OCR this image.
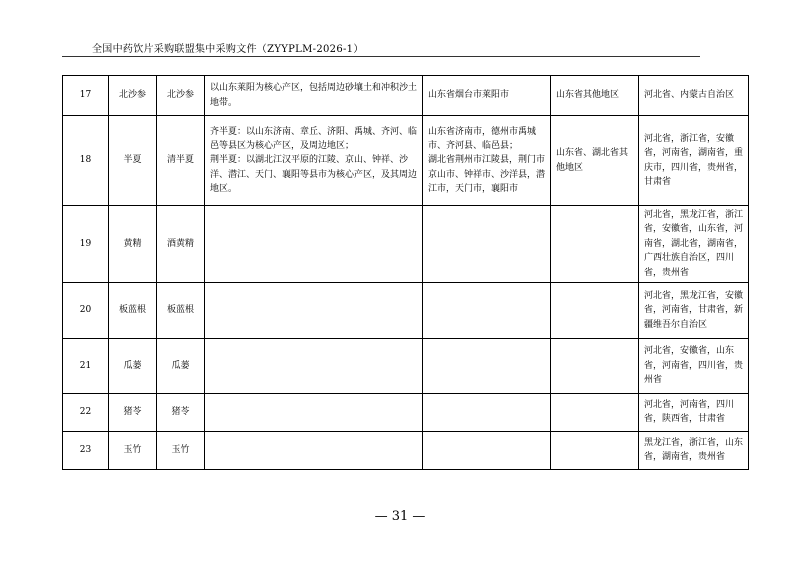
全国中药饮片采购联盟集中采购文件（ZYYPLM-2026-1）
17	北沙参	北沙参	以山东莱阳为核心产区，包括周边砂壤土和冲积沙土地带。	山东省烟台市莱阳市	山东省其他地区	河北省、内蒙古自治区
18	半夏	清半夏	齐半夏：以山东济南、章丘、济阳、禹城、齐河、临邑等县区为核心产区，及周边地区；
荆半夏：以湖北江汉平原的江陵、京山、钟祥、沙洋、潜江、天门、襄阳等县市为核心产区，及其周边地区。	山东省济南市，德州市禹城市、齐河县、临邑县；
湖北省荆州市江陵县，荆门市京山市、钟祥市、沙洋县，潜江市，天门市，襄阳市	山东省、湖北省其他地区	河北省，浙江省，安徽省，河南省，湖南省，重庆市，四川省，贵州省，甘肃省
19	黄精	酒黄精				河北省，黑龙江省，浙江省，安徽省，山东省，河南省，湖北省，湖南省，广西壮族自治区，四川省，贵州省
20	板蓝根	板蓝根				河北省，黑龙江省，安徽省，河南省，甘肃省，新疆维吾尔自治区
21	瓜蒌	瓜蒌				河北省，安徽省，山东省，河南省，四川省，贵州省
22	猪苓	猪苓				河北省，河南省，四川省，陕西省，甘肃省
23	玉竹	玉竹				黑龙江省，浙江省，山东省，湖南省，贵州省
— 31 —
